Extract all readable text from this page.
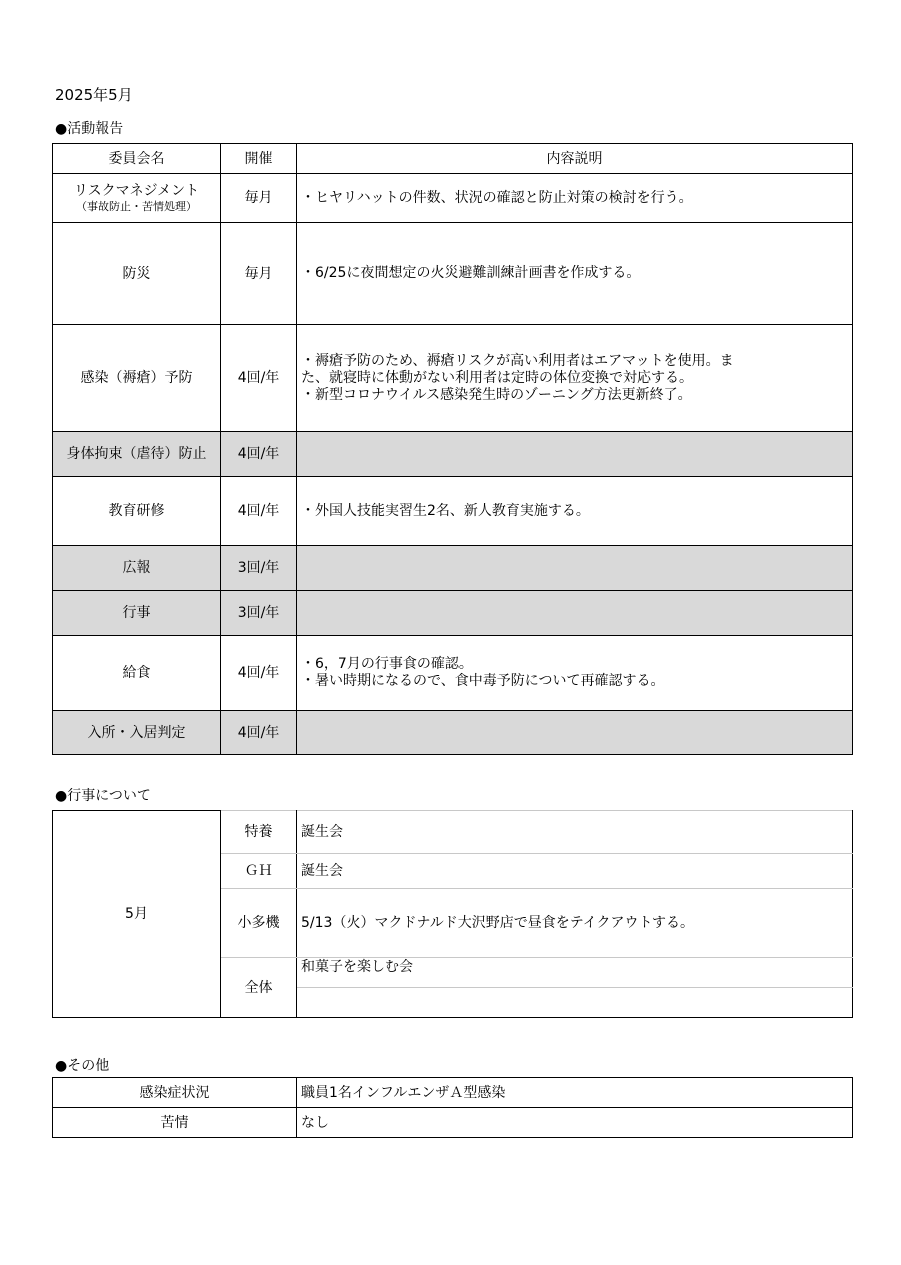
2025年5月
●活動報告
委員会名	開催	内容説明

リスクマネジメント
（事故防止・苦情処理）	毎月	・ヒヤリハットの件数、状況の確認と防止対策の検討を行う。

防災	毎月	・6/25に夜間想定の火災避難訓練計画書を作成する。

感染（褥瘡）予防	4回/年	・褥瘡予防のため、褥瘡リスクが高い利用者はエアマットを使用。ま
た、就寝時に体動がない利用者は定時の体位変換で対応する。
・新型コロナウイルス感染発生時のゾーニング方法更新終了。

身体拘束（虐待）防止	4回/年	
教育研修	4回/年	・外国人技能実習生2名、新人教育実施する。

広報	3回/年	
行事	3回/年	
給食	4回/年	・6，7月の行事食の確認。
・暑い時期になるので、食中毒予防について再確認する。

入所・入居判定	4回/年	
●行事について
5月	特養	誕生会
	ＧＨ	誕生会
	小多機	5/13（火）マクドナルド大沢野店で昼食をテイクアウトする。
	全体	和菓子を楽しむ会

●その他
感染症状況	職員1名インフルエンザＡ型感染
苦情	なし
